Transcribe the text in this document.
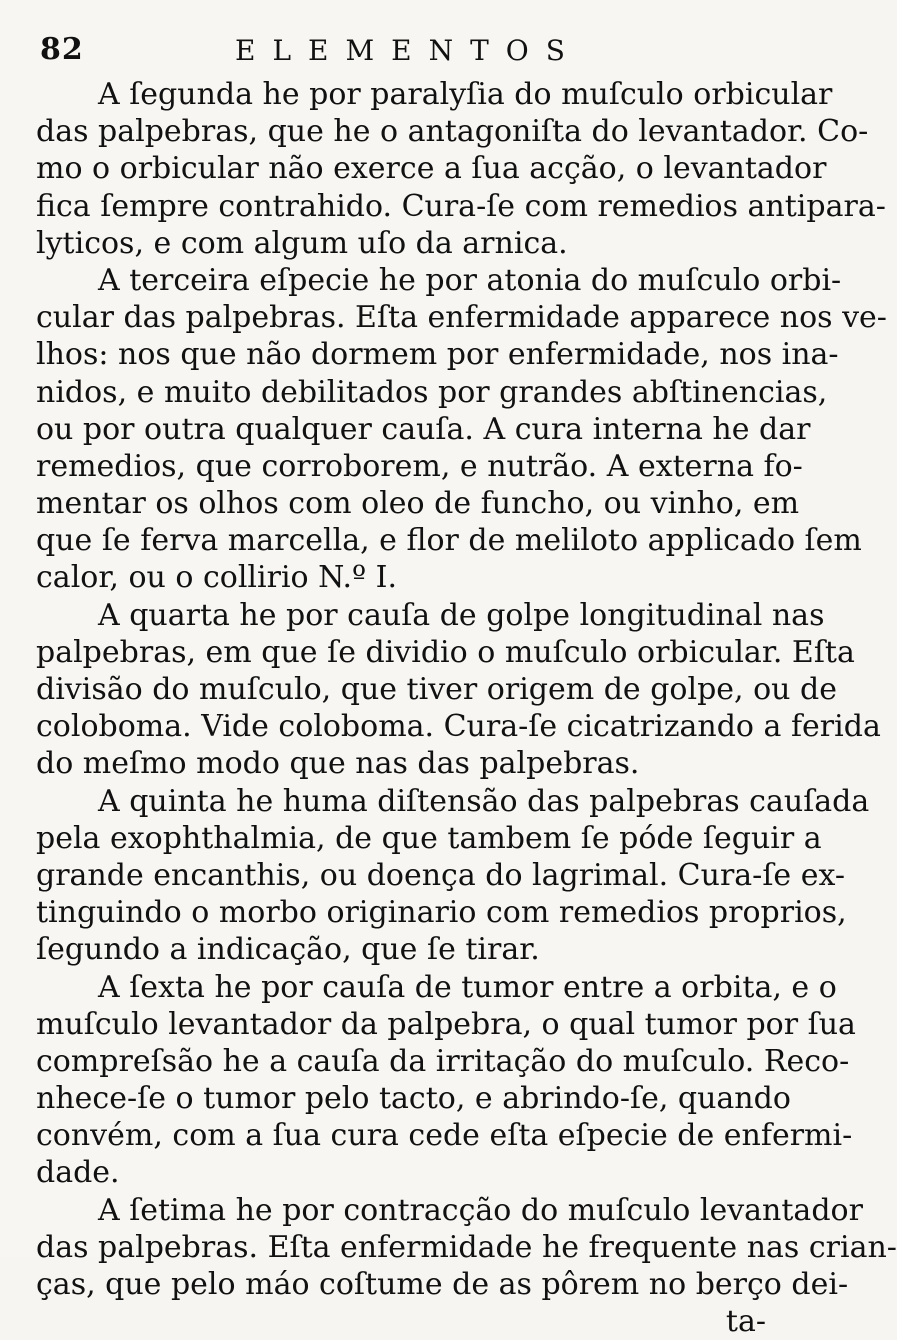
82	ELEMENTOS
A ſegunda he por paralyſia do muſculo orbicular
das palpebras, que he o antagoniſta do levantador. Co-
mo o orbicular não exerce a ſua acção, o levantador
fica ſempre contrahido. Cura-ſe com remedios antipara-
lyticos, e com algum uſo da arnica.
A terceira eſpecie he por atonia do muſculo orbi-
cular das palpebras. Eſta enfermidade apparece nos ve-
lhos: nos que não dormem por enfermidade, nos ina-
nidos, e muito debilitados por grandes abſtinencias,
ou por outra qualquer cauſa. A cura interna he dar
remedios, que corroborem, e nutrão. A externa fo-
mentar os olhos com oleo de funcho, ou vinho, em
que ſe ferva marcella, e flor de meliloto applicado ſem
calor, ou o collirio N.º I.
A quarta he por cauſa de golpe longitudinal nas
palpebras, em que ſe dividio o muſculo orbicular. Eſta
divisão do muſculo, que tiver origem de golpe, ou de
coloboma. Vide coloboma. Cura-ſe cicatrizando a ferida
do meſmo modo que nas das palpebras.
A quinta he huma diſtensão das palpebras cauſada
pela exophthalmia, de que tambem ſe póde ſeguir a
grande encanthis, ou doença do lagrimal. Cura-ſe ex-
tinguindo o morbo originario com remedios proprios,
ſegundo a indicação, que ſe tirar.
A ſexta he por cauſa de tumor entre a orbita, e o
muſculo levantador da palpebra, o qual tumor por ſua
compreſsão he a cauſa da irritação do muſculo. Reco-
nhece-ſe o tumor pelo tacto, e abrindo-ſe, quando
convém, com a ſua cura cede eſta eſpecie de enfermi-
dade.
A ſetima he por contracção do muſculo levantador
das palpebras. Eſta enfermidade he frequente nas crian-
ças, que pelo máo coſtume de as pôrem no berço dei-
ta-
